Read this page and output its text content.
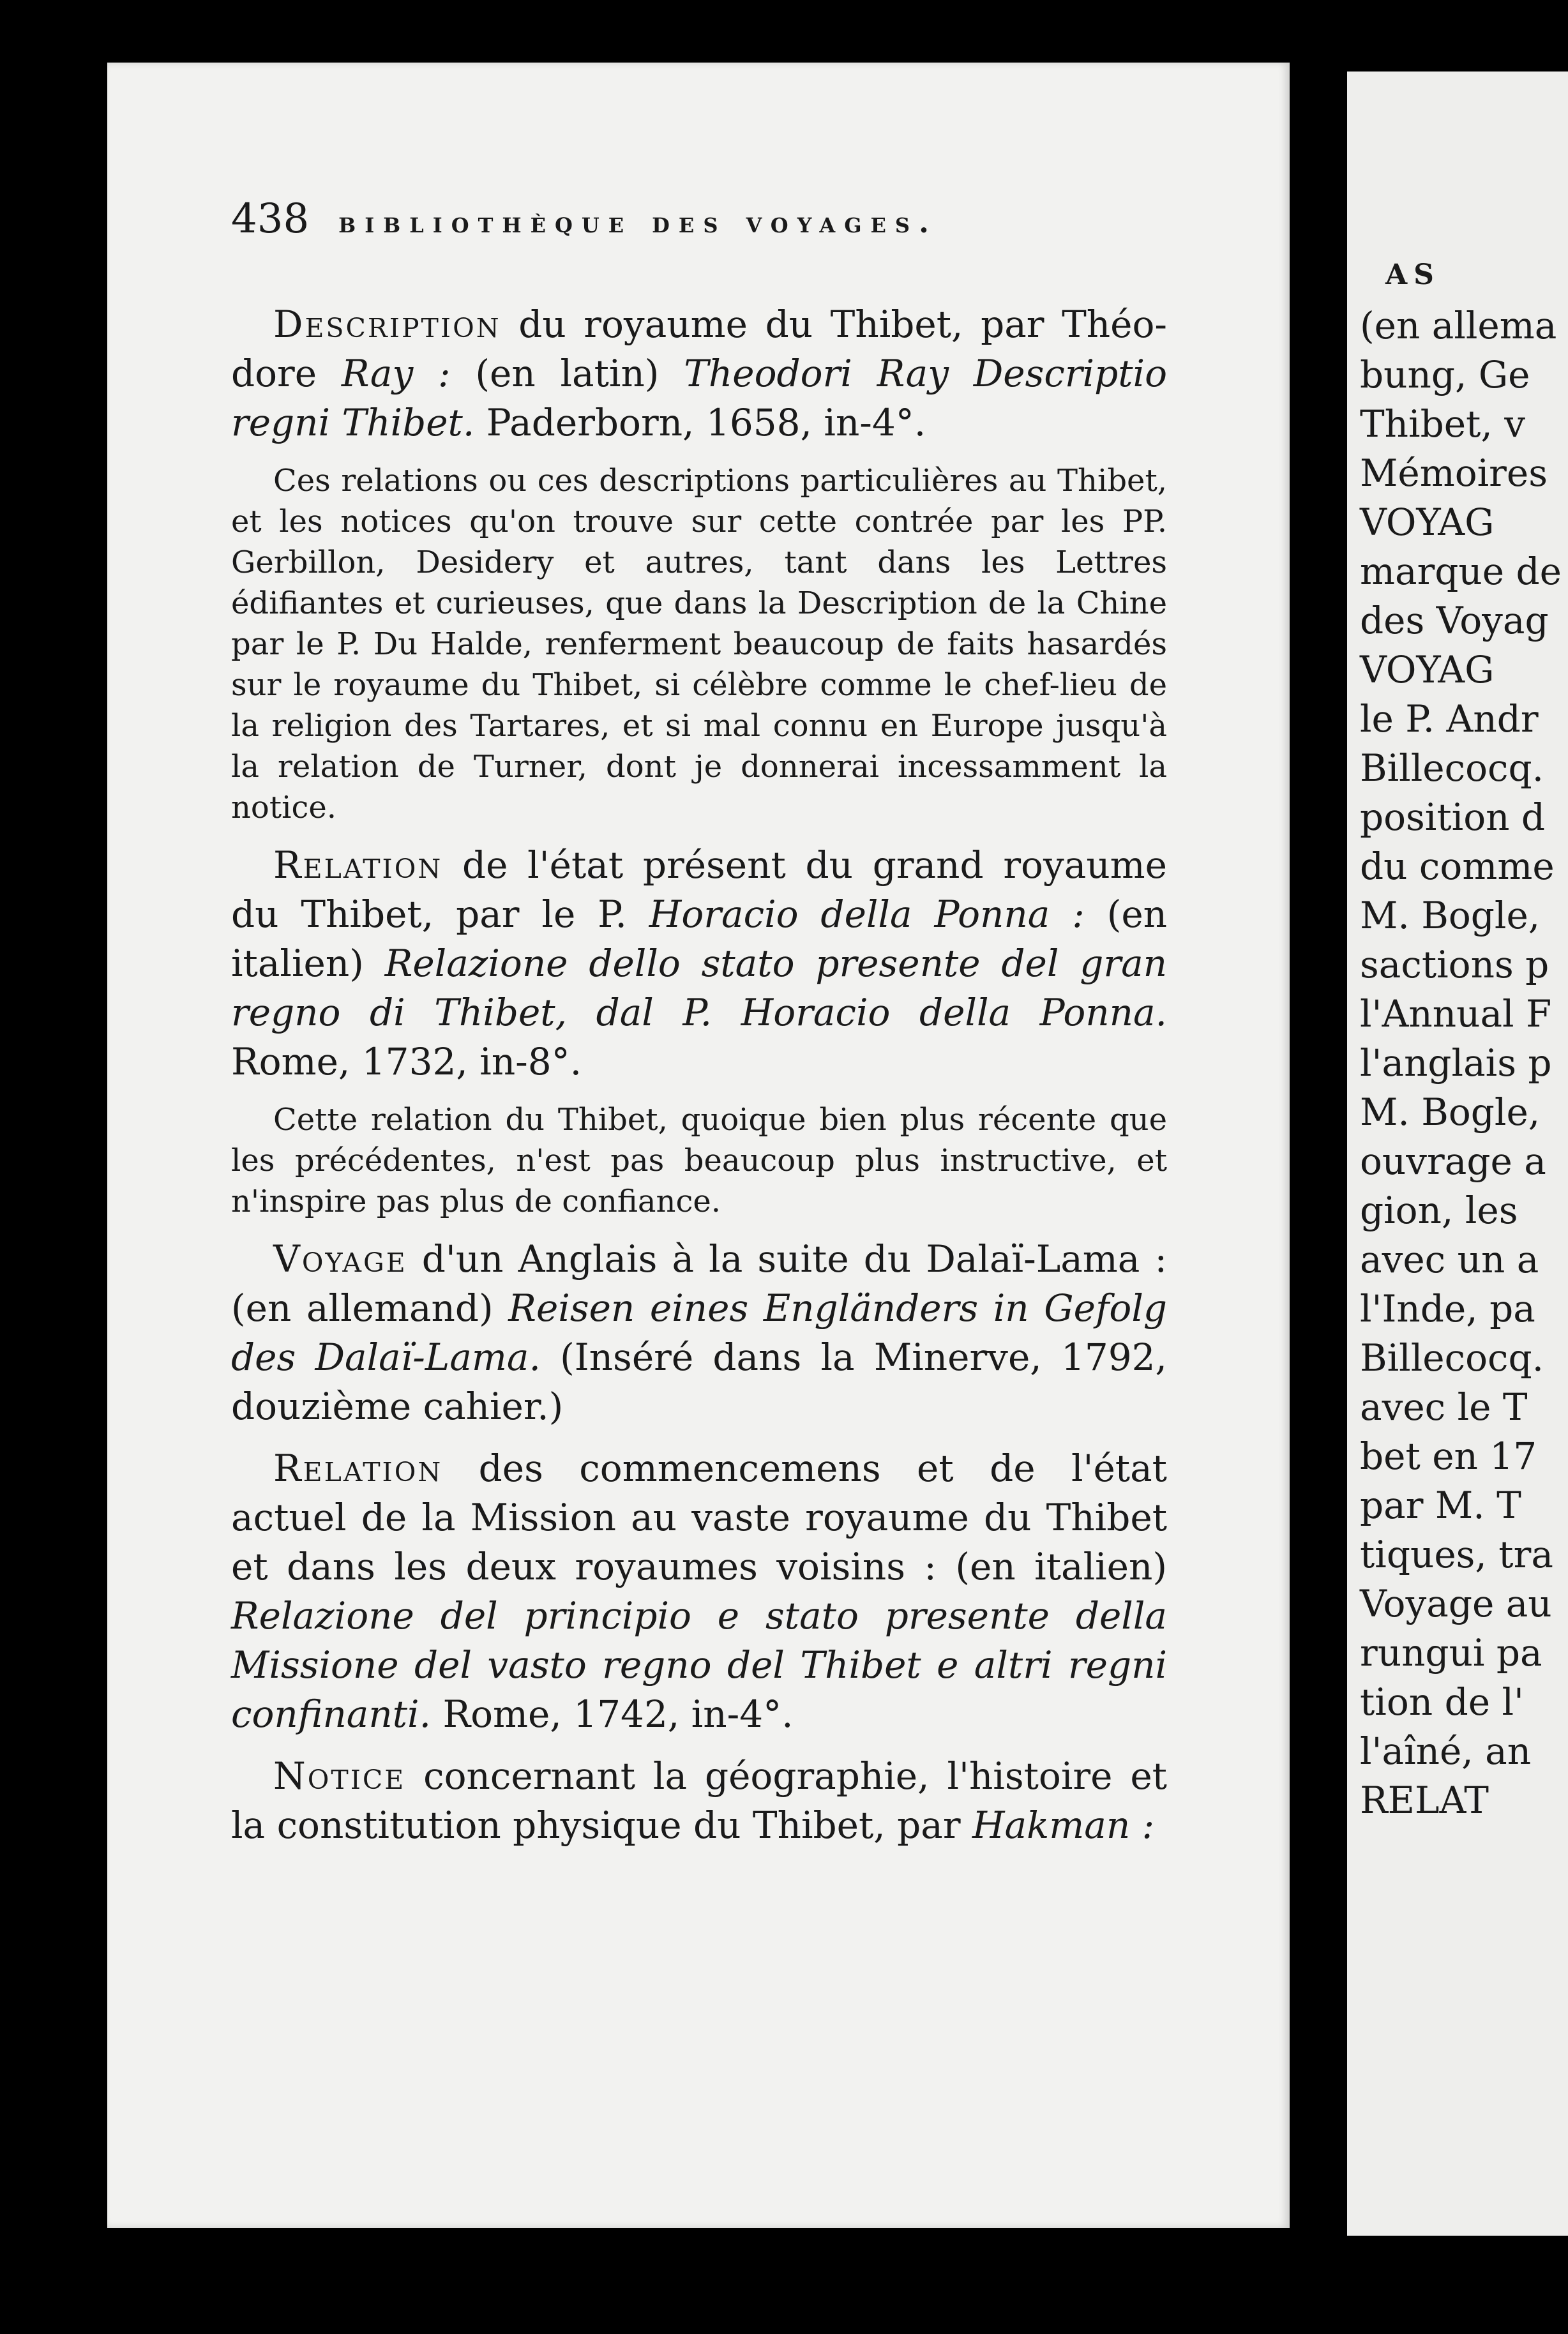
438 bibliothèque des voyages.

Description du royaume du Thibet, par Théo-dore Ray : (en latin) Theodori Ray Descriptio regni Thibet. Paderborn, 1658, in-4°.

Ces relations ou ces descriptions particulières au Thibet, et les notices qu'on trouve sur cette contrée par les PP. Gerbillon, Desidery et autres, tant dans les Lettres édifiantes et curieuses, que dans la Description de la Chine par le P. Du Halde, renferment beaucoup de faits hasardés sur le royaume du Thibet, si célèbre comme le chef-lieu de la religion des Tartares, et si mal connu en Europe jusqu'à la relation de Turner, dont je donnerai incessamment la notice.

Relation de l'état présent du grand royaume du Thibet, par le P. Horacio della Ponna : (en italien) Relazione dello stato presente del gran regno di Thibet, dal P. Horacio della Ponna. Rome, 1732, in-8°.

Cette relation du Thibet, quoique bien plus récente que les précédentes, n'est pas beaucoup plus instructive, et n'inspire pas plus de confiance.

Voyage d'un Anglais à la suite du Dalaï-Lama : (en allemand) Reisen eines Engländers in Gefolg des Dalaï-Lama. (Inséré dans la Minerve, 1792, douzième cahier.)

Relation des commencemens et de l'état actuel de la Mission au vaste royaume du Thibet et dans les deux royaumes voisins : (en italien) Relazione del principio e stato presente della Missione del vasto regno del Thibet e altri regni confinanti. Rome, 1742, in-4°.

Notice concernant la géographie, l'histoire et la constitution physique du Thibet, par Hakman :

AS
(en allema
bung, Ge
Thibet, v
Mémoires
VOYAG
marque de
des Voyag
VOYAG
le P. Andr
Billecocq.
position d
du comme
M. Bogle,
sactions p
l'Annual F
l'anglais p
M. Bogle,
ouvrage a
gion, les
avec un a
l'Inde, pa
Billecocq.
avec le T
bet en 17
par M. T
tiques, tra
Voyage au
rungui pa
tion de l'
l'aîné, an
RELAT
